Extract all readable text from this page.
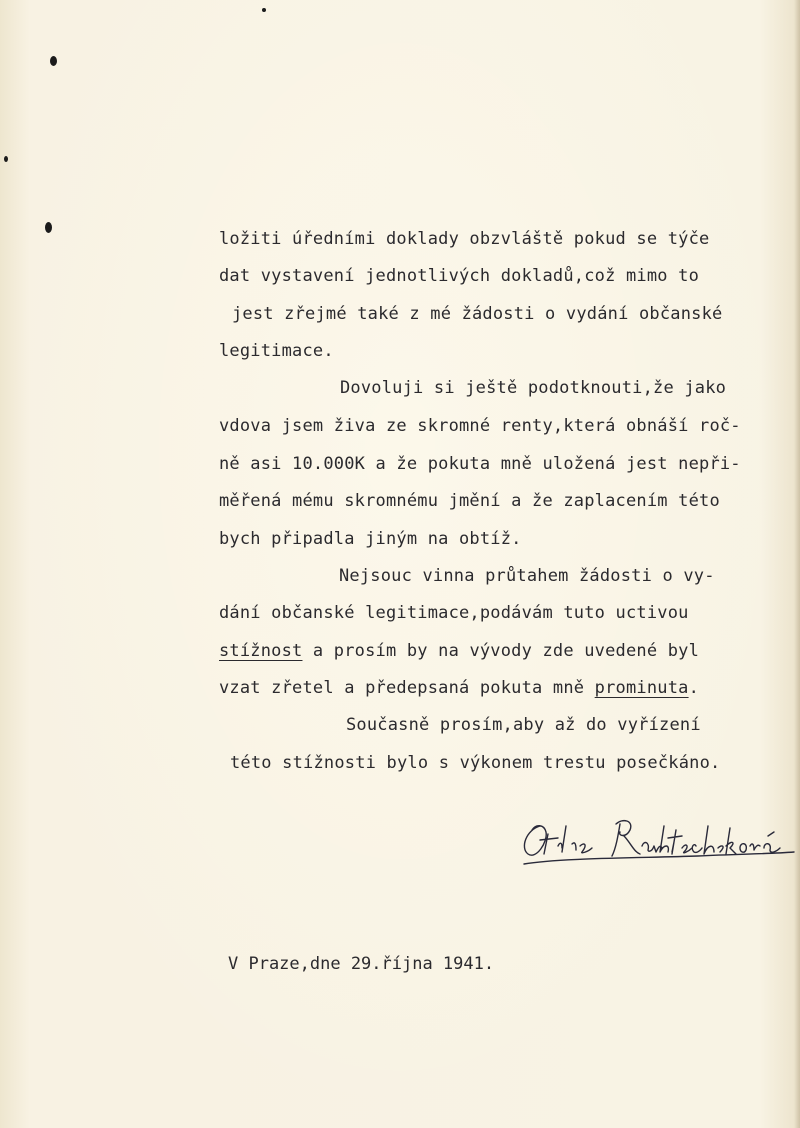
ložiti úředními doklady obzvláště pokud se týče

dat vystavení jednotlivých dokladů,což mimo to

jest zřejmé také z mé žádosti o vydání občanské

legitimace.

Dovoluji si ještě podotknouti,že jako

vdova jsem živa ze skromné renty,která obnáší roč-

ně asi 10.000K a že pokuta mně uložená jest nepři-

měřená mému skromnému jmění a že zaplacením této

bych připadla jiným na obtíž.

Nejsouc vinna průtahem žádosti o vy-

dání občanské legitimace,podávám tuto uctivou

stížnost a prosím by na vývody zde uvedené byl

vzat zřetel a předepsaná pokuta mně prominuta.

Současně prosím,aby až do vyřízení

této stížnosti bylo s výkonem trestu posečkáno.

V Praze,dne 29.října 1941.
